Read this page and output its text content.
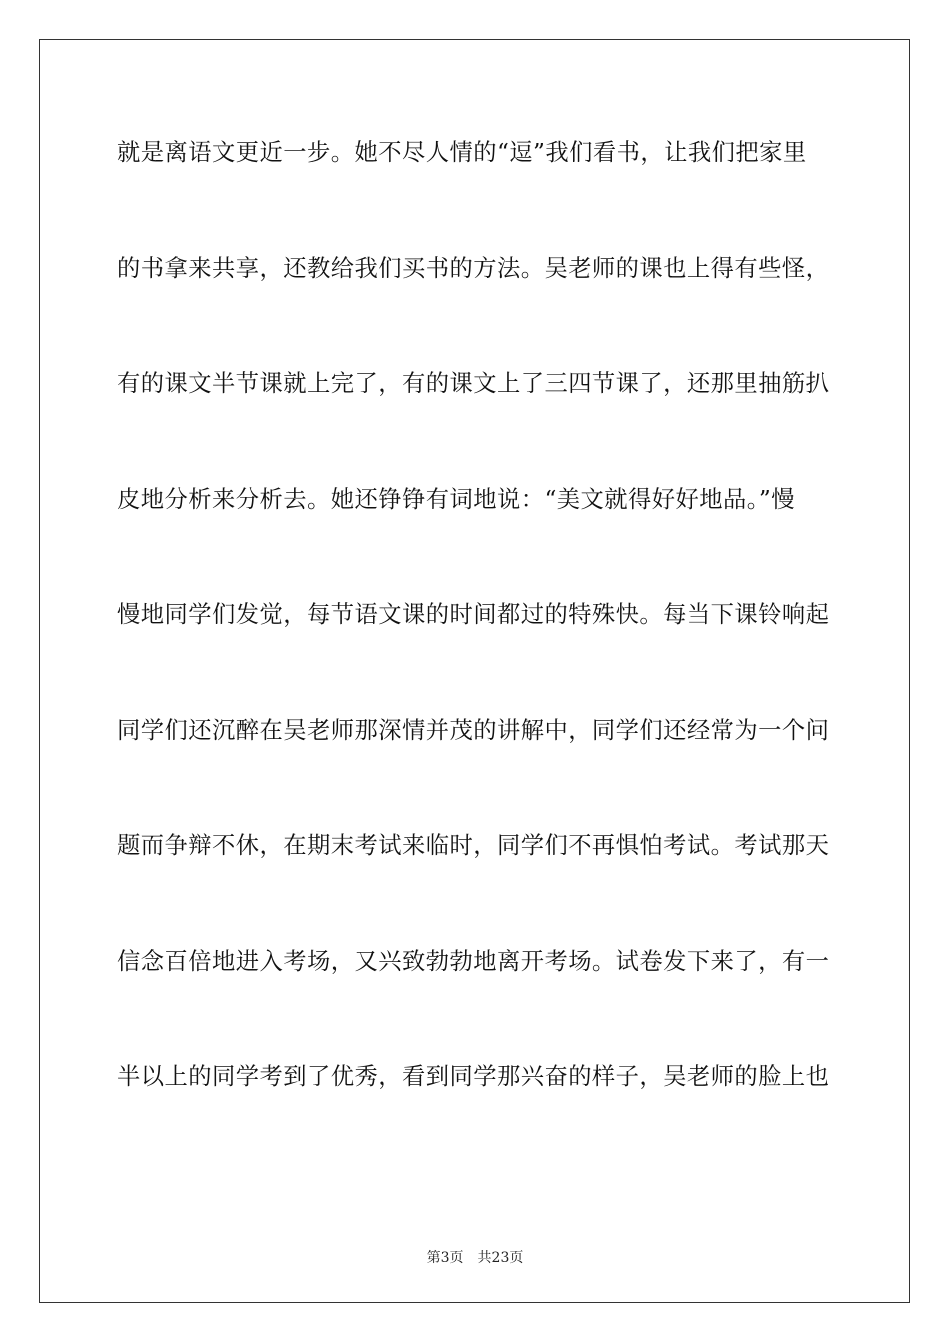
就是离语文更近一步。她不尽人情的“逗”我们看书，让我们把家里
的书拿来共享，还教给我们买书的方法。吴老师的课也上得有些怪，
有的课文半节课就上完了，有的课文上了三四节课了，还那里抽筋扒
皮地分析来分析去。她还铮铮有词地说：“美文就得好好地品。”慢
慢地同学们发觉，每节语文课的时间都过的特殊快。每当下课铃响起
同学们还沉醉在吴老师那深情并茂的讲解中，同学们还经常为一个问
题而争辩不休，在期末考试来临时，同学们不再惧怕考试。考试那天
信念百倍地进入考场，又兴致勃勃地离开考场。试卷发下来了，有一
半以上的同学考到了优秀，看到同学那兴奋的样子，吴老师的脸上也
第3页 共23页
